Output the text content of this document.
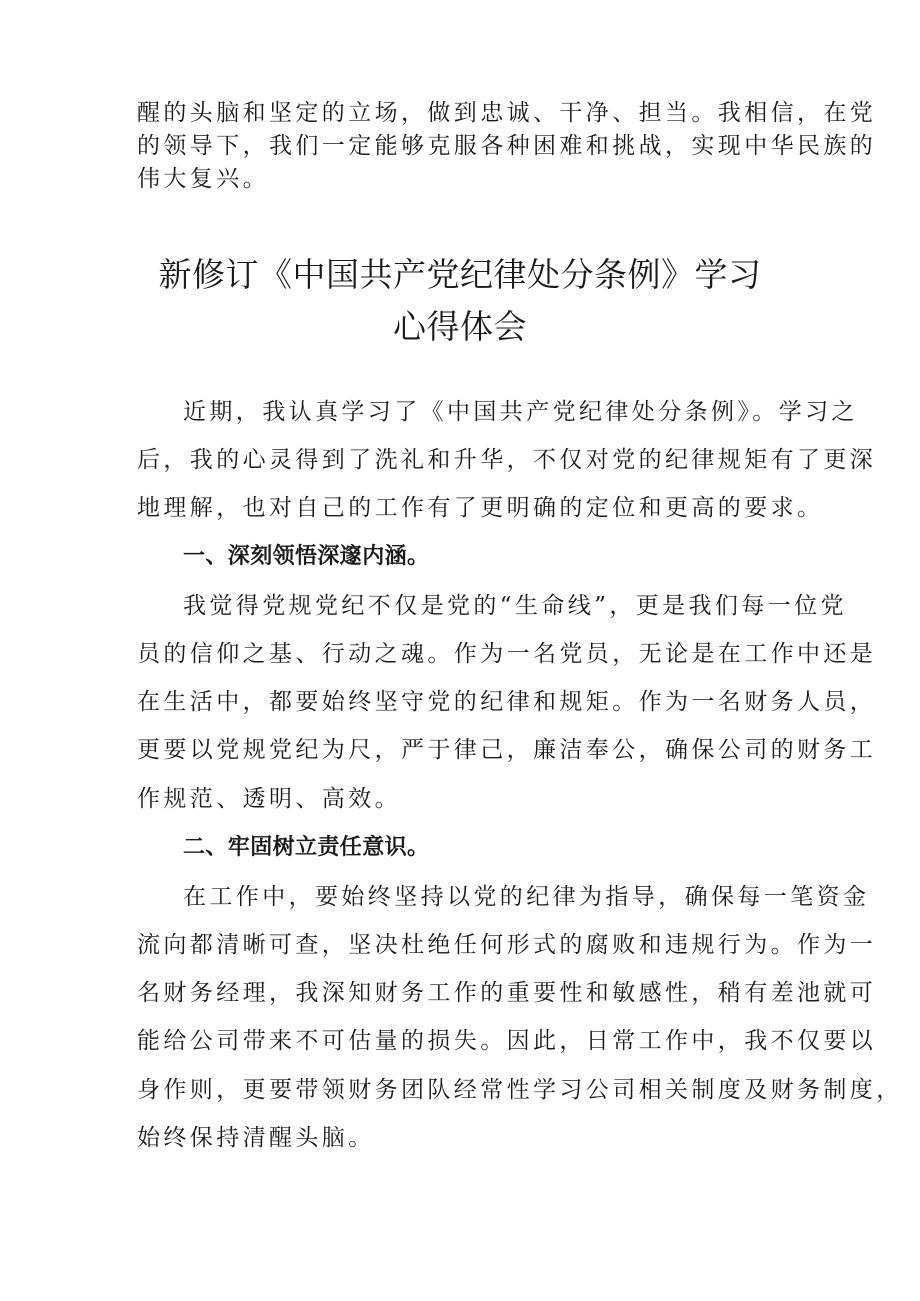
醒的头脑和坚定的立场，做到忠诚、干净、担当。我相信，在党

的领导下，我们一定能够克服各种困难和挑战，实现中华民族的

伟大复兴。

新修订《中国共产党纪律处分条例》学习
心得体会

近期，我认真学习了《中国共产党纪律处分条例》。学习之

后，我的心灵得到了洗礼和升华，不仅对党的纪律规矩有了更深

地理解，也对自己的工作有了更明确的定位和更高的要求。

一、深刻领悟深邃内涵。

我觉得党规党纪不仅是党的“生命线”，更是我们每一位党

员的信仰之基、行动之魂。作为一名党员，无论是在工作中还是

在生活中，都要始终坚守党的纪律和规矩。作为一名财务人员，

更要以党规党纪为尺，严于律己，廉洁奉公，确保公司的财务工

作规范、透明、高效。

二、牢固树立责任意识。

在工作中，要始终坚持以党的纪律为指导，确保每一笔资金

流向都清晰可查，坚决杜绝任何形式的腐败和违规行为。作为一

名财务经理，我深知财务工作的重要性和敏感性，稍有差池就可

能给公司带来不可估量的损失。因此，日常工作中，我不仅要以

身作则，更要带领财务团队经常性学习公司相关制度及财务制度，

始终保持清醒头脑。
